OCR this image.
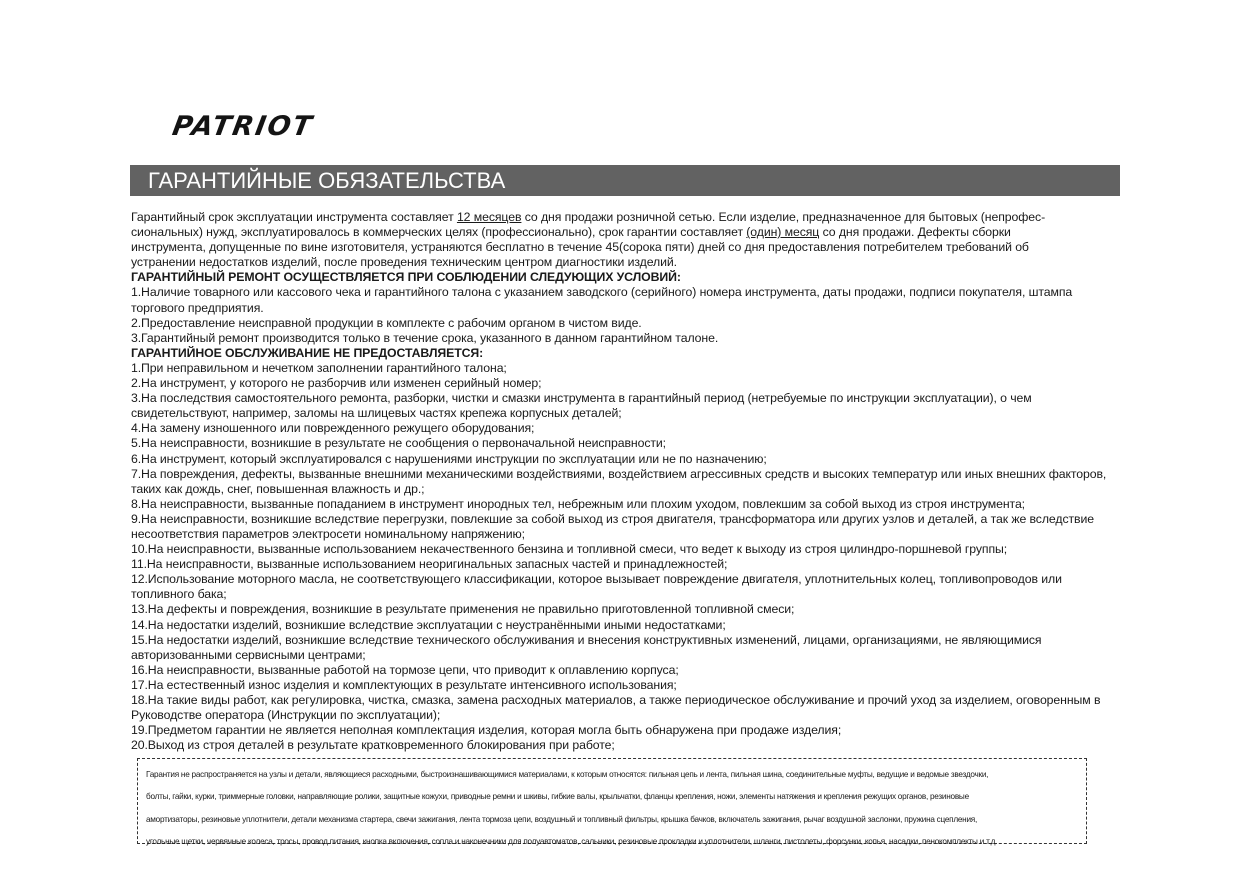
PATRIOT
ГАРАНТИЙНЫЕ ОБЯЗАТЕЛЬСТВА

Гарантийный срок эксплуатации инструмента составляет 12 месяцев со дня продажи розничной сетью. Если изделие, предназначенное для бытовых (непрофес-
сиональных) нужд, эксплуатировалось в коммерческих целях (профессионально), срок гарантии составляет (один) месяц со дня продажи. Дефекты сборки
инструмента, допущенные по вине изготовителя, устраняются бесплатно в течение 45(сорока пяти) дней со дня предоставления потребителем требований об
устранении недостатков изделий, после проведения техническим центром диагностики изделий.

ГАРАНТИЙНЫЙ РЕМОНТ ОСУЩЕСТВЛЯЕТСЯ ПРИ СОБЛЮДЕНИИ СЛЕДУЮЩИХ УСЛОВИЙ:

1.Наличие товарного или кассового чека и гарантийного талона с указанием заводского (серийного) номера инструмента, даты продажи, подписи покупателя, штампа торгового предприятия.

2.Предоставление неисправной продукции в комплекте с рабочим органом в чистом виде.

3.Гарантийный ремонт производится только в течение срока, указанного в данном гарантийном талоне.

ГАРАНТИЙНОЕ ОБСЛУЖИВАНИЕ НЕ ПРЕДОСТАВЛЯЕТСЯ:

1.При неправильном и нечетком заполнении гарантийного талона;

2.На инструмент, у которого не разборчив или изменен серийный номер;

3.На последствия самостоятельного ремонта, разборки, чистки и смазки инструмента в гарантийный период (нетребуемые по инструкции эксплуатации), о чем свидетельствуют, например, заломы на шлицевых частях крепежа корпусных деталей;

4.На замену изношенного или поврежденного режущего оборудования;

5.На неисправности, возникшие в результате не сообщения о первоначальной неисправности;

6.На инструмент, который эксплуатировался с нарушениями инструкции по эксплуатации или не по назначению;

7.На повреждения, дефекты, вызванные внешними механическими воздействиями, воздействием агрессивных средств и высоких температур или иных внешних факторов, таких как дождь, снег, повышенная влажность и др.;

8.На неисправности, вызванные попаданием в инструмент инородных тел, небрежным или плохим уходом, повлекшим за собой выход из строя инструмента;

9.На неисправности, возникшие вследствие перегрузки, повлекшие за собой выход из строя двигателя, трансформатора или других узлов и деталей, а так же вследствие несоответствия параметров электросети номинальному напряжению;

10.На неисправности, вызванные использованием некачественного бензина и топливной смеси, что ведет к выходу из строя цилиндро-поршневой группы;

11.На неисправности, вызванные использованием неоригинальных запасных частей и принадлежностей;

12.Использование моторного масла, не соответствующего классификации, которое вызывает повреждение двигателя, уплотнительных колец, топливопроводов или топливного бака;

13.На дефекты и повреждения, возникшие в результате применения не правильно приготовленной топливной смеси;

14.На недостатки изделий, возникшие вследствие эксплуатации с неустранёнными иными недостатками;

15.На недостатки изделий, возникшие вследствие технического обслуживания и внесения конструктивных изменений, лицами, организациями, не являющимися авторизованными сервисными центрами;

16.На неисправности, вызванные работой на тормозе цепи, что приводит к оплавлению корпуса;

17.На естественный износ изделия и комплектующих в результате интенсивного использования;

18.На такие виды работ, как регулировка, чистка, смазка, замена расходных материалов, а также периодическое обслуживание и прочий уход за изделием, оговоренным в Руководстве оператора (Инструкции по эксплуатации);

19.Предметом гарантии не является неполная комплектация изделия, которая могла быть обнаружена при продаже изделия;

20.Выход из строя деталей в результате кратковременного блокирования при работе;

Гарантия не распространяется на узлы и детали, являющиеся расходными, быстроизнашивающимися материалами, к которым относятся: пильная цепь и лента, пильная шина, соединительные муфты, ведущие и ведомые звездочки,

болты, гайки, курки, триммерные головки, направляющие ролики, защитные кожухи, приводные ремни и шкивы, гибкие валы, крыльчатки, фланцы крепления, ножи, элементы натяжения и крепления режущих органов, резиновые

амортизаторы, резиновые уплотнители, детали механизма стартера, свечи зажигания, лента тормоза цепи, воздушный и топливный фильтры, крышка бачков, включатель зажигания, рычаг воздушной заслонки, пружина сцепления,

угольные щетки, червячные колеса, тросы, провод питания, кнопка включения, сопла и наконечники для полуавтоматов, сальники, резиновые прокладки и уплотнители, шланги, пистолеты, форсунки, копья, насадки, пенокомплекты и т.д.
